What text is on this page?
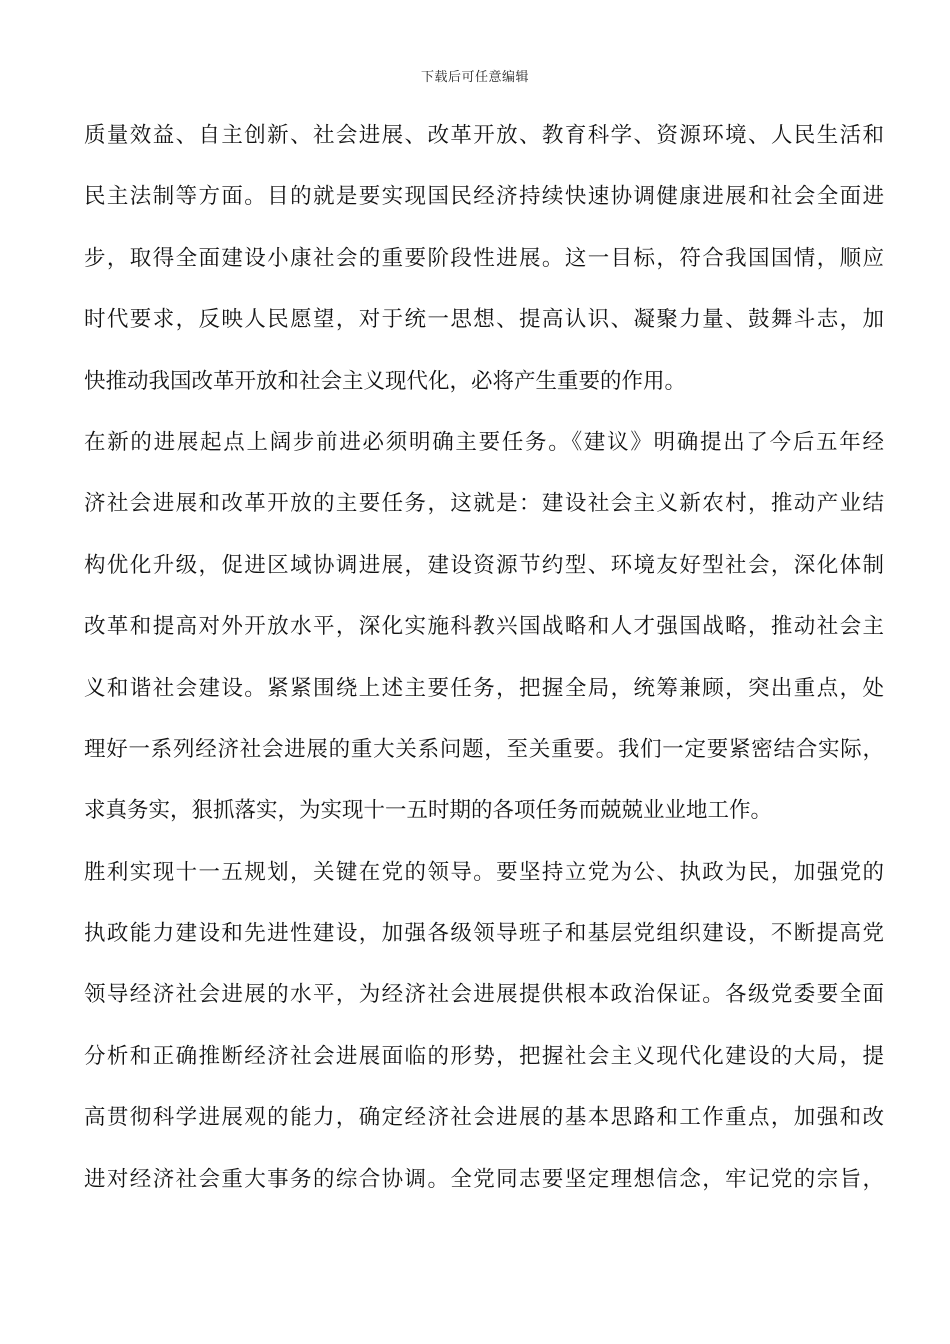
下载后可任意编辑
质量效益、自主创新、社会进展、改革开放、教育科学、资源环境、人民生活和
民主法制等方面。目的就是要实现国民经济持续快速协调健康进展和社会全面进
步，取得全面建设小康社会的重要阶段性进展。这一目标，符合我国国情，顺应
时代要求，反映人民愿望，对于统一思想、提高认识、凝聚力量、鼓舞斗志，加
快推动我国改革开放和社会主义现代化，必将产生重要的作用。
在新的进展起点上阔步前进必须明确主要任务。《建议》明确提出了今后五年经
济社会进展和改革开放的主要任务，这就是：建设社会主义新农村，推动产业结
构优化升级，促进区域协调进展，建设资源节约型、环境友好型社会，深化体制
改革和提高对外开放水平，深化实施科教兴国战略和人才强国战略，推动社会主
义和谐社会建设。紧紧围绕上述主要任务，把握全局，统筹兼顾，突出重点，处
理好一系列经济社会进展的重大关系问题，至关重要。我们一定要紧密结合实际，
求真务实，狠抓落实，为实现十一五时期的各项任务而兢兢业业地工作。
胜利实现十一五规划，关键在党的领导。要坚持立党为公、执政为民，加强党的
执政能力建设和先进性建设，加强各级领导班子和基层党组织建设，不断提高党
领导经济社会进展的水平，为经济社会进展提供根本政治保证。各级党委要全面
分析和正确推断经济社会进展面临的形势，把握社会主义现代化建设的大局，提
高贯彻科学进展观的能力，确定经济社会进展的基本思路和工作重点，加强和改
进对经济社会重大事务的综合协调。全党同志要坚定理想信念，牢记党的宗旨，
